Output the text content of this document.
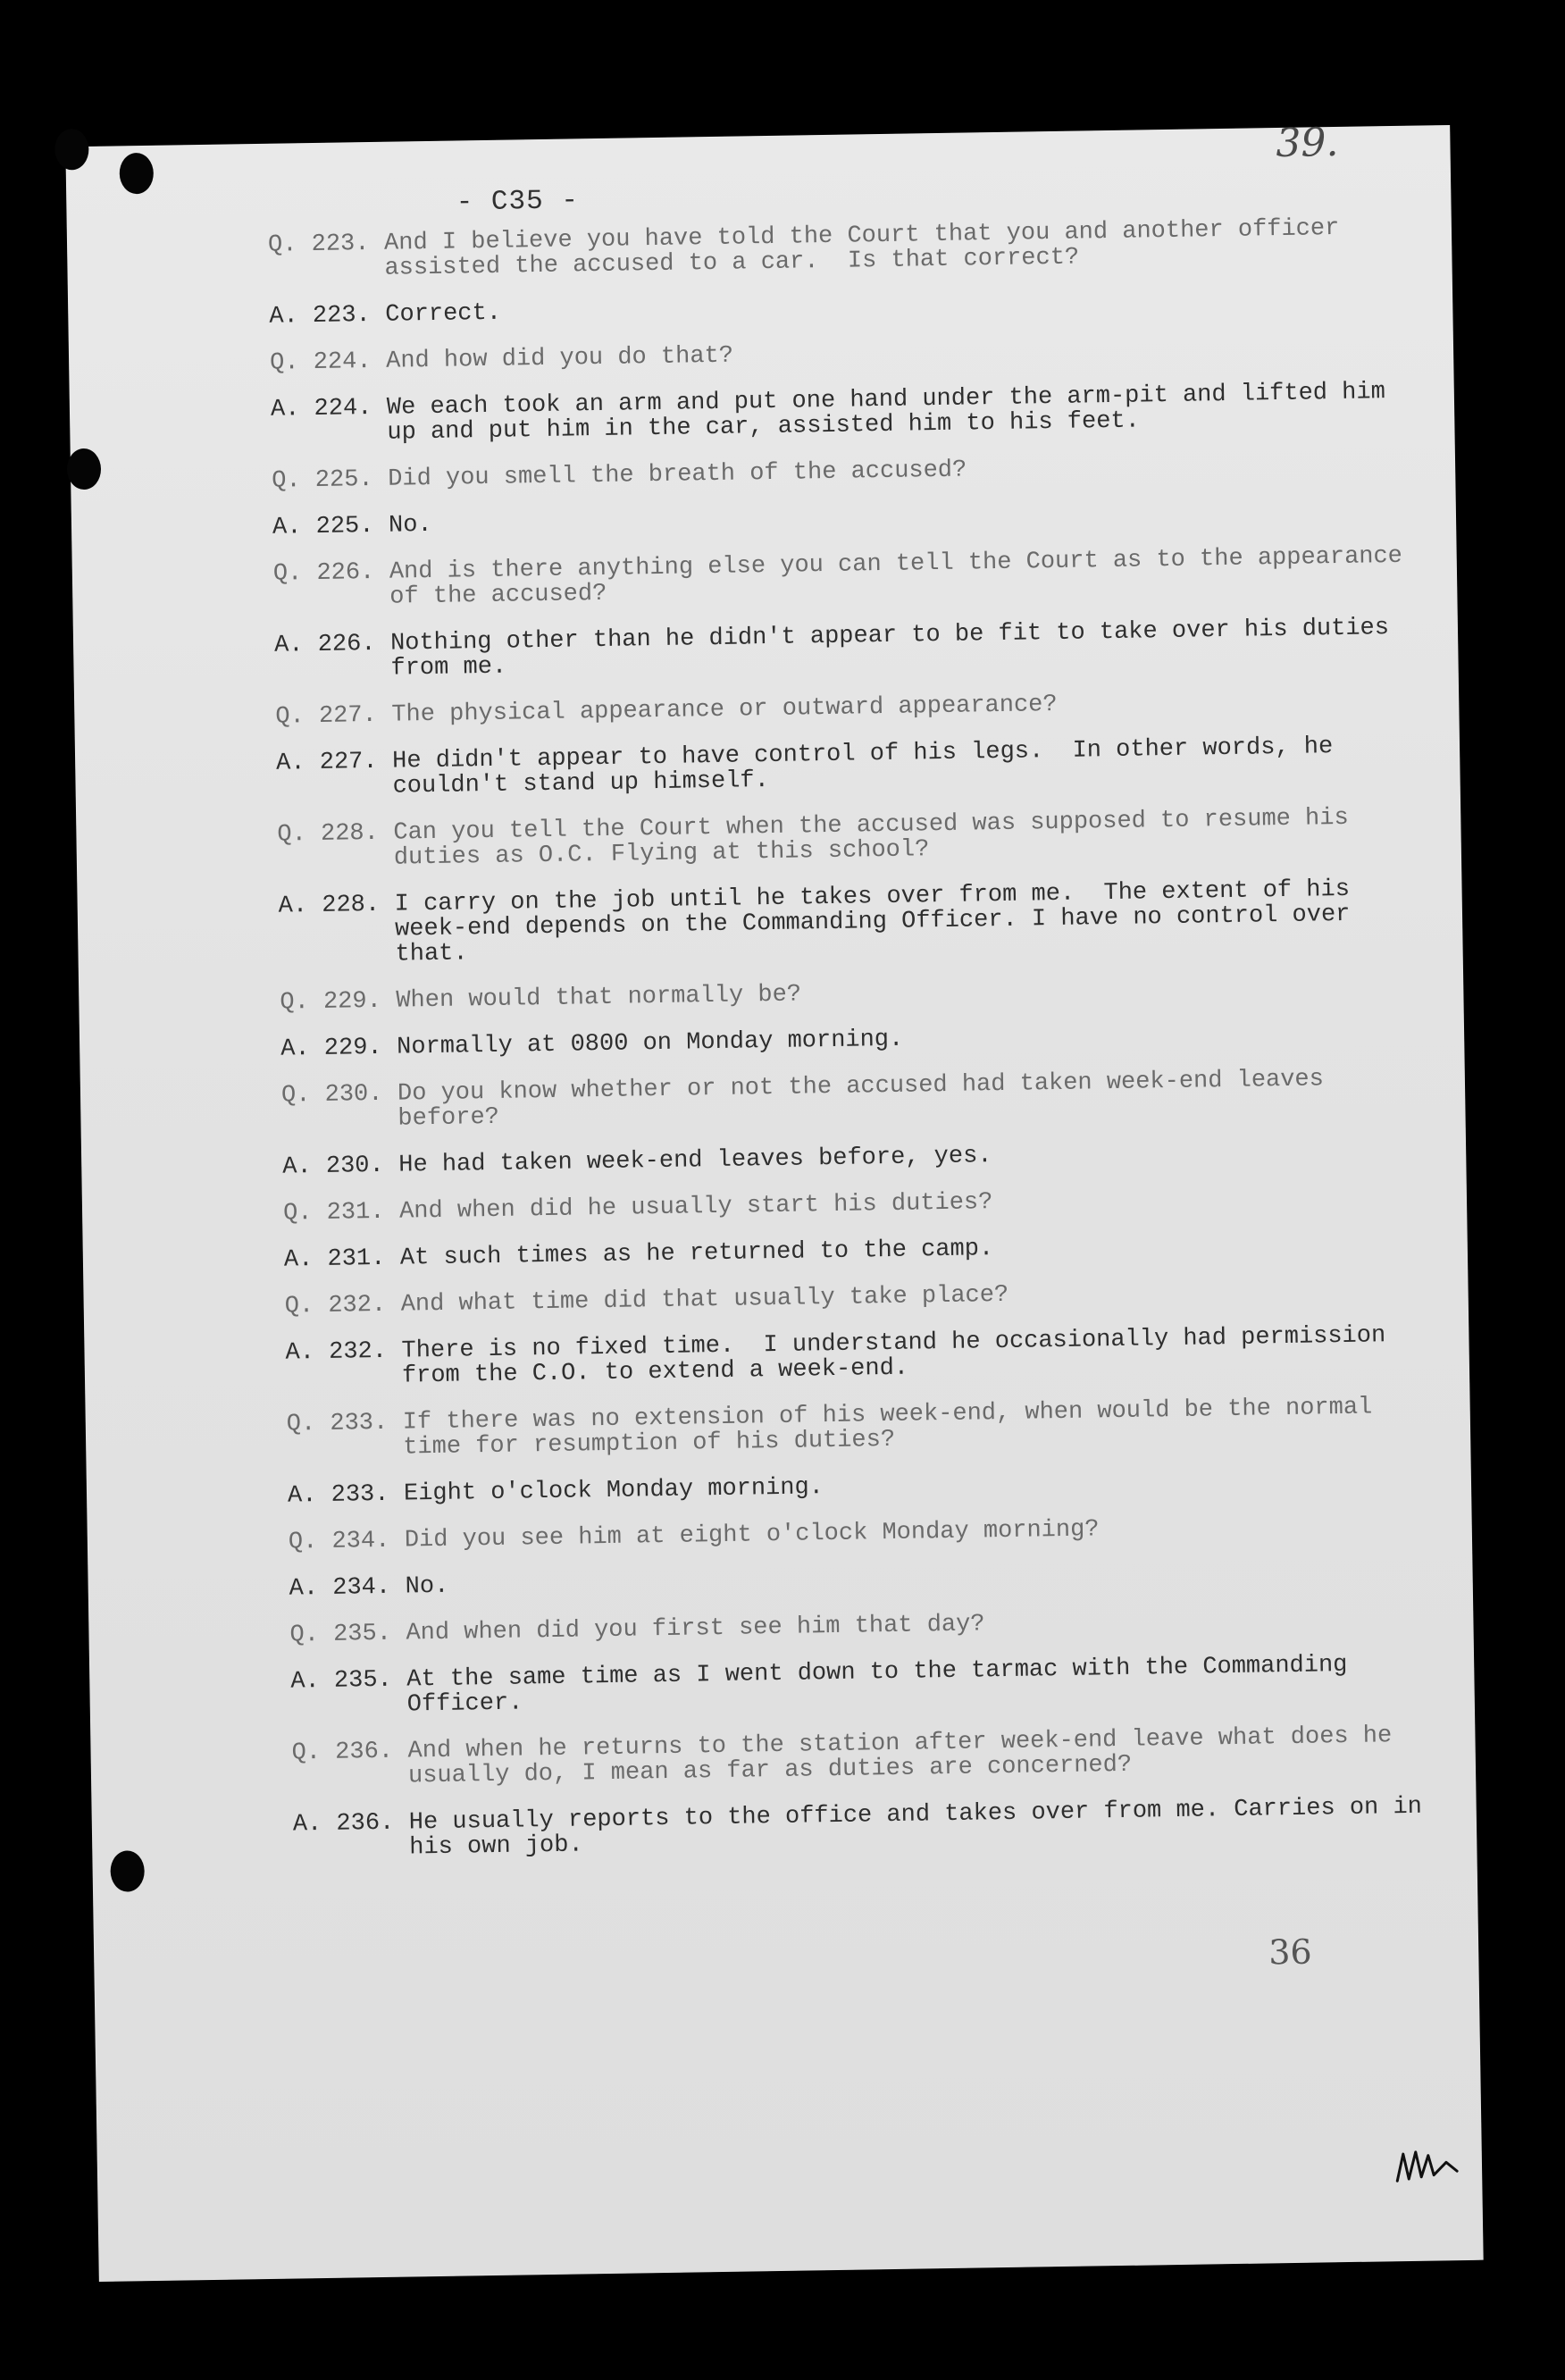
39.
- C35 -
Q. 223. And I believe you have told the Court that you and another officer assisted the accused to a car.  Is that correct?
A. 223. Correct.
Q. 224. And how did you do that?
A. 224. We each took an arm and put one hand under the arm-pit and lifted him up and put him in the car, assisted him to his feet.
Q. 225. Did you smell the breath of the accused?
A. 225. No.
Q. 226. And is there anything else you can tell the Court as to the appearance of the accused?
A. 226. Nothing other than he didn't appear to be fit to take over his duties from me.
Q. 227. The physical appearance or outward appearance?
A. 227. He didn't appear to have control of his legs.  In other words, he couldn't stand up himself.
Q. 228. Can you tell the Court when the accused was supposed to resume his duties as O.C. Flying at this school?
A. 228. I carry on the job until he takes over from me.  The extent of his week-end depends on the Commanding Officer. I have no control over that.
Q. 229. When would that normally be?
A. 229. Normally at 0800 on Monday morning.
Q. 230. Do you know whether or not the accused had taken week-end leaves before?
A. 230. He had taken week-end leaves before, yes.
Q. 231. And when did he usually start his duties?
A. 231. At such times as he returned to the camp.
Q. 232. And what time did that usually take place?
A. 232. There is no fixed time.  I understand he occasionally had permission from the C.O. to extend a week-end.
Q. 233. If there was no extension of his week-end, when would be the normal time for resumption of his duties?
A. 233. Eight o'clock Monday morning.
Q. 234. Did you see him at eight o'clock Monday morning?
A. 234. No.
Q. 235. And when did you first see him that day?
A. 235. At the same time as I went down to the tarmac with the Commanding Officer.
Q. 236. And when he returns to the station after week-end leave what does he usually do, I mean as far as duties are concerned?
A. 236. He usually reports to the office and takes over from me. Carries on in his own job.
36
